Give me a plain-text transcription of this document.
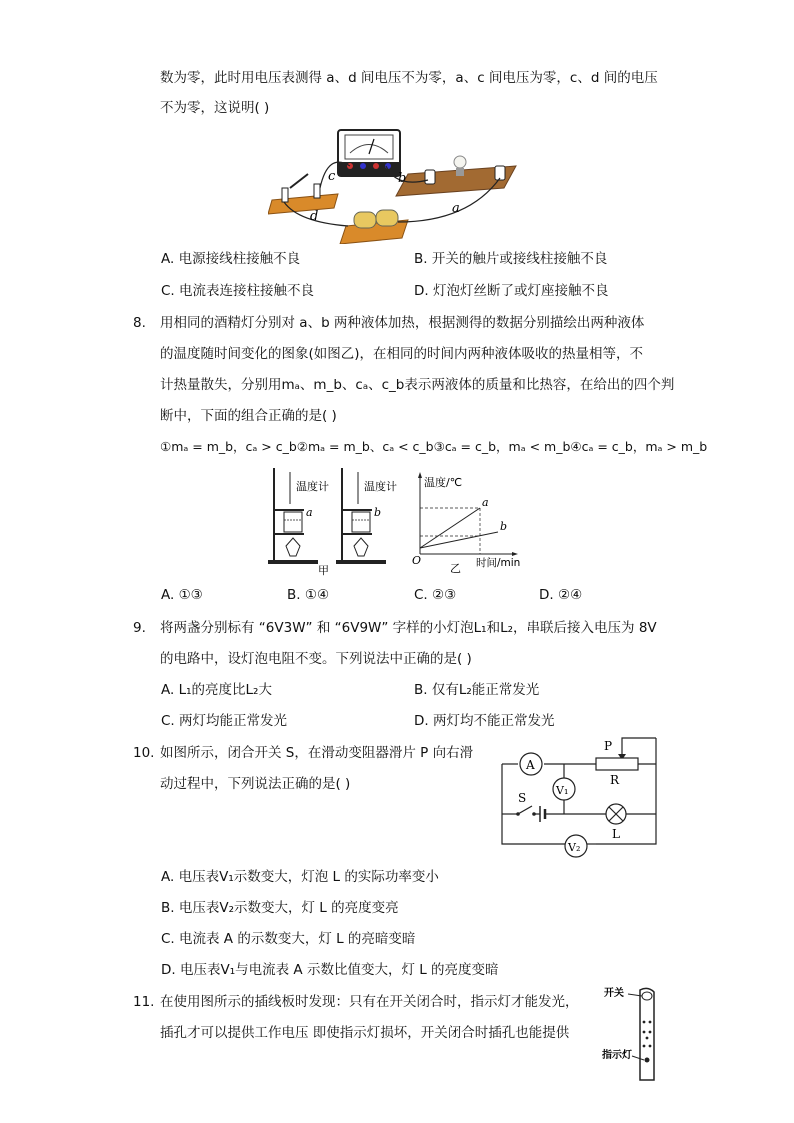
数为零，此时用电压表测得 a、d 间电压不为零，a、c 间电压为零，c、d 间的电压
不为零，这说明( )
c	b
d
a
A. 电源接线柱接触不良	B. 开关的触片或接线柱接触不良
C. 电流表连接柱接触不良	D. 灯泡灯丝断了或灯座接触不良
8. 用相同的酒精灯分别对 a、b 两种液体加热，根据测得的数据分别描绘出两种液体
的温度随时间变化的图象(如图乙)，在相同的时间内两种液体吸收的热量相等，不
计热量散失，分别用mₐ、m_b、cₐ、c_b表示两液体的质量和比热容，在给出的四个判
断中，下面的组合正确的是( )
①mₐ = m_b，cₐ > c_b②mₐ = m_b、cₐ < c_b③cₐ = c_b，mₐ < m_b④cₐ = c_b，mₐ > m_b
温度计
a
温度计
b
甲
温度/℃
O
a
b
乙 时间/min
A. ①③	B. ①④	C. ②③	D. ②④
9. 将两盏分别标有 “6V3W” 和 “6V9W” 字样的小灯泡L₁和L₂，串联后接入电压为 8V
的电路中，设灯泡电阻不变。下列说法中正确的是( )
A. L₁的亮度比L₂大	B. 仅有L₂能正常发光
C. 两灯均能正常发光	D. 两灯均不能正常发光
10. 如图所示，闭合开关 S，在滑动变阻器滑片 P 向右滑
动过程中，下列说法正确的是( )
A
P
R
V₁
S
L
V₂
A. 电压表V₁示数变大，灯泡 L 的实际功率变小
B. 电压表V₂示数变大，灯 L 的亮度变亮
C. 电流表 A 的示数变大，灯 L 的亮暗变暗
D. 电压表V₁与电流表 A 示数比值变大，灯 L 的亮度变暗
11. 在使用图所示的插线板时发现：只有在开关闭合时，指示灯才能发光，
插孔才可以提供工作电压 即使指示灯损坏，开关闭合时插孔也能提供
开关
指示灯
